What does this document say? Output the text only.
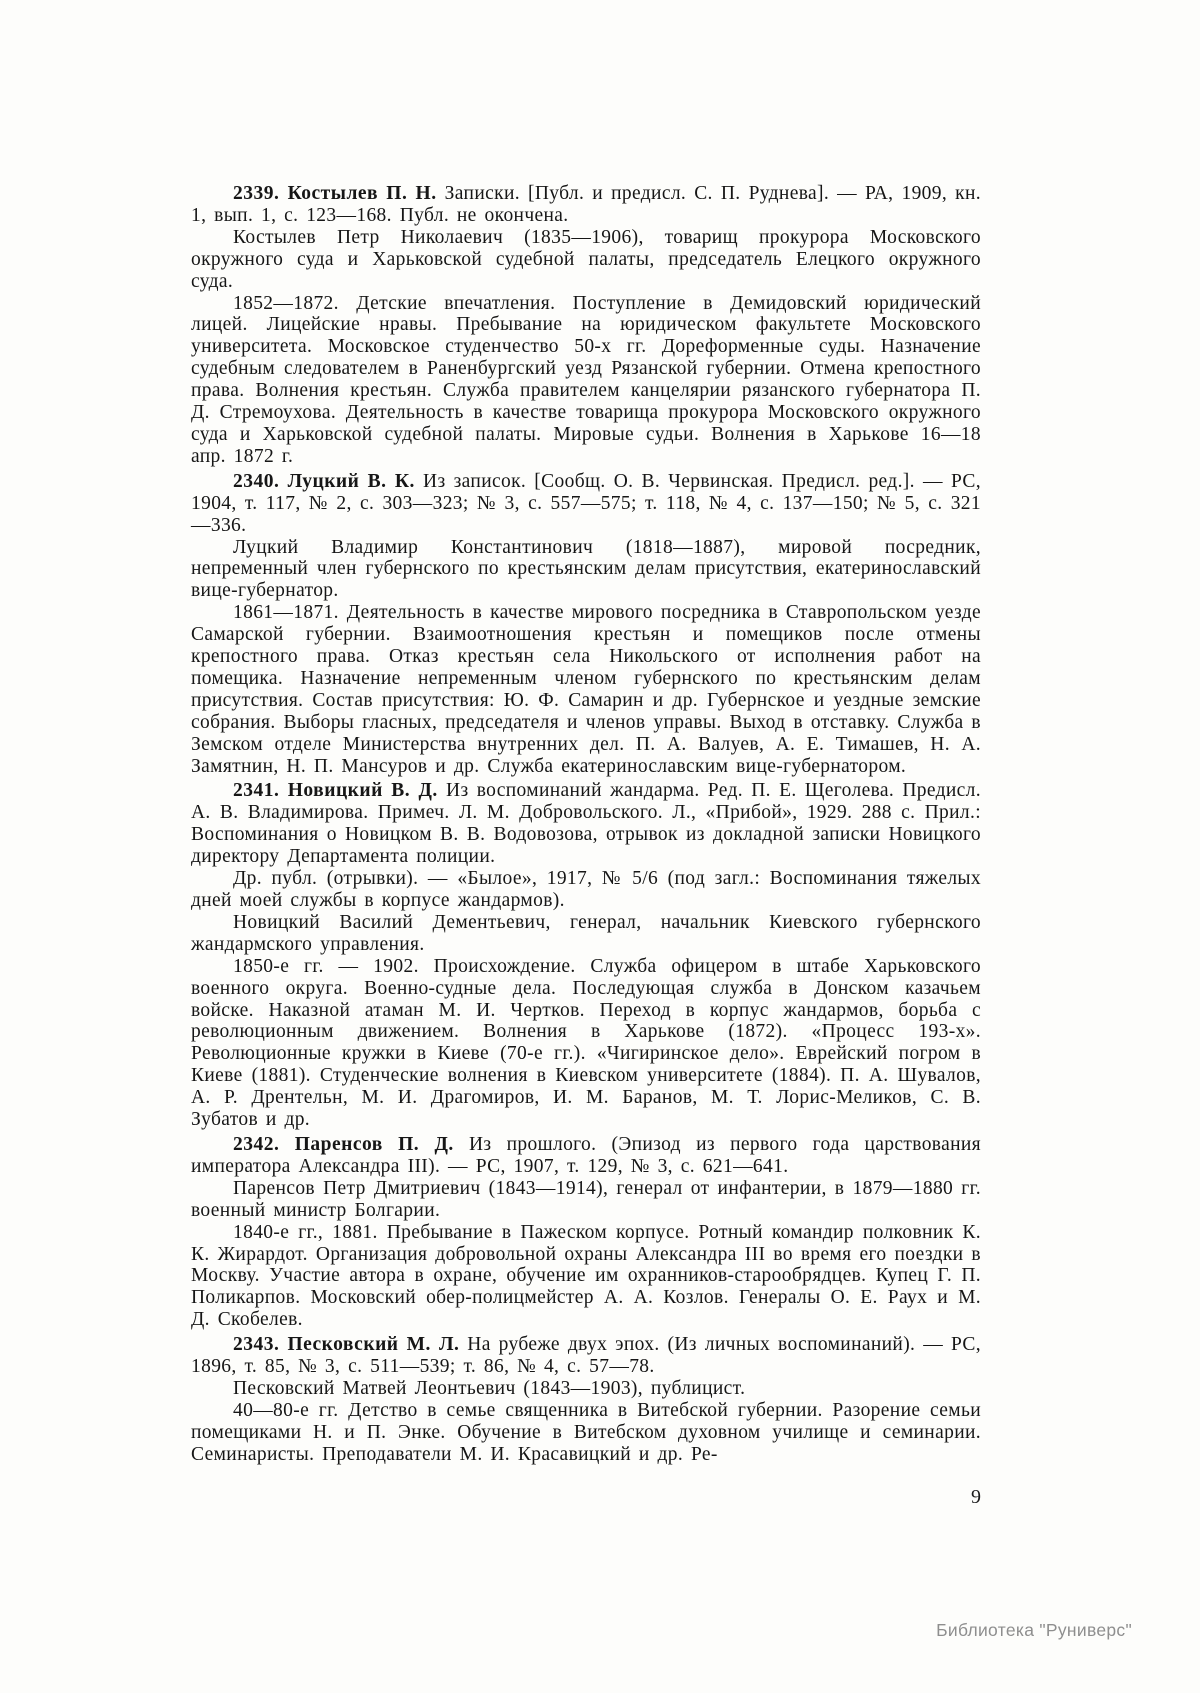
2339. Костылев П. Н. Записки. [Публ. и предисл. С. П. Руднева]. — РА, 1909, кн. 1, вып. 1, с. 123—168. Публ. не окончена.

Костылев Петр Николаевич (1835—1906), товарищ прокурора Московского окружного суда и Харьковской судебной палаты, председатель Елецкого окружного суда.

1852—1872. Детские впечатления. Поступление в Демидовский юридический лицей. Лицейские нравы. Пребывание на юридическом факультете Московского университета. Московское студенчество 50-х гг. Дореформенные суды. Назначение судебным следователем в Раненбургский уезд Рязанской губернии. Отмена крепостного права. Волнения крестьян. Служба правителем канцелярии рязанского губернатора П. Д. Стремоухова. Деятельность в качестве товарища прокурора Московского окружного суда и Харьковской судебной палаты. Мировые судьи. Волнения в Харькове 16—18 апр. 1872 г.

2340. Луцкий В. К. Из записок. [Сообщ. О. В. Червинская. Предисл. ред.]. — РС, 1904, т. 117, № 2, с. 303—323; № 3, с. 557—575; т. 118, № 4, с. 137—150; № 5, с. 321—336.

Луцкий Владимир Константинович (1818—1887), мировой посредник, непременный член губернского по крестьянским делам присутствия, екатеринославский вице-губернатор.

1861—1871. Деятельность в качестве мирового посредника в Ставропольском уезде Самарской губернии. Взаимоотношения крестьян и помещиков после отмены крепостного права. Отказ крестьян села Никольского от исполнения работ на помещика. Назначение непременным членом губернского по крестьянским делам присутствия. Состав присутствия: Ю. Ф. Самарин и др. Губернское и уездные земские собрания. Выборы гласных, председателя и членов управы. Выход в отставку. Служба в Земском отделе Министерства внутренних дел. П. А. Валуев, А. Е. Тимашев, Н. А. Замятнин, Н. П. Мансуров и др. Служба екатеринославским вице-губернатором.

2341. Новицкий В. Д. Из воспоминаний жандарма. Ред. П. Е. Щеголева. Предисл. А. В. Владимирова. Примеч. Л. М. Добровольского. Л., «Прибой», 1929. 288 с. Прил.: Воспоминания о Новицком В. В. Водовозова, отрывок из докладной записки Новицкого директору Департамента полиции.

Др. публ. (отрывки). — «Былое», 1917, № 5/6 (под загл.: Воспоминания тяжелых дней моей службы в корпусе жандармов).

Новицкий Василий Дементьевич, генерал, начальник Киевского губернского жандармского управления.

1850-е гг. — 1902. Происхождение. Служба офицером в штабе Харьковского военного округа. Военно-судные дела. Последующая служба в Донском казачьем войске. Наказной атаман М. И. Чертков. Переход в корпус жандармов, борьба с революционным движением. Волнения в Харькове (1872). «Процесс 193-х». Революционные кружки в Киеве (70-е гг.). «Чигиринское дело». Еврейский погром в Киеве (1881). Студенческие волнения в Киевском университете (1884). П. А. Шувалов, А. Р. Дрентельн, М. И. Драгомиров, И. М. Баранов, М. Т. Лорис-Меликов, С. В. Зубатов и др.

2342. Паренсов П. Д. Из прошлого. (Эпизод из первого года царствования императора Александра III). — РС, 1907, т. 129, № 3, с. 621—641.

Паренсов Петр Дмитриевич (1843—1914), генерал от инфантерии, в 1879—1880 гг. военный министр Болгарии.

1840-е гг., 1881. Пребывание в Пажеском корпусе. Ротный командир полковник К. К. Жирардот. Организация добровольной охраны Александра III во время его поездки в Москву. Участие автора в охране, обучение им охранников-старообрядцев. Купец Г. П. Поликарпов. Московский обер-полицмейстер А. А. Козлов. Генералы О. Е. Раух и М. Д. Скобелев.

2343. Песковский М. Л. На рубеже двух эпох. (Из личных воспоминаний). — РС, 1896, т. 85, № 3, с. 511—539; т. 86, № 4, с. 57—78.

Песковский Матвей Леонтьевич (1843—1903), публицист.

40—80-е гг. Детство в семье священника в Витебской губернии. Разорение семьи помещиками Н. и П. Энке. Обучение в Витебском духовном училище и семинарии. Семинаристы. Преподаватели М. И. Красавицкий и др. Ре-

9
Библиотека "Руниверс"
